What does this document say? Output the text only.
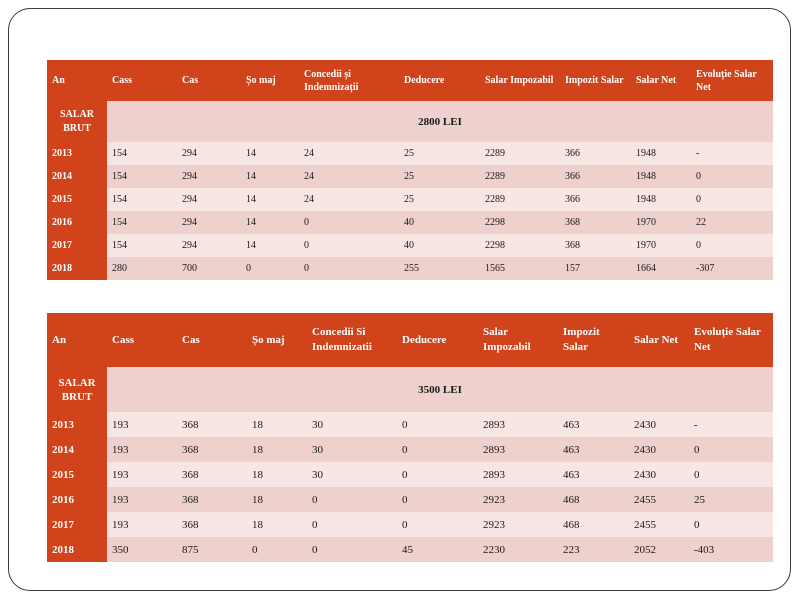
An	Cass	Cas	Șo maj	Concedii și Indemnizații	Deducere	Salar Impozabil	Impozit Salar	Salar Net	Evoluție Salar Net
SALAR BRUT	2800 LEI								
2013	154	294	14	24	25	2289	366	1948	-
2014	154	294	14	24	25	2289	366	1948	0
2015	154	294	14	24	25	2289	366	1948	0
2016	154	294	14	0	40	2298	368	1970	22
2017	154	294	14	0	40	2298	368	1970	0
2018	280	700	0	0	255	1565	157	1664	-307
An	Cass	Cas	Șo maj	Concedii Si Indemnizatii	Deducere	Salar Impozabil	Impozit Salar	Salar Net	Evoluție Salar Net
SALAR BRUT	3500 LEI								
2013	193	368	18	30	0	2893	463	2430	-
2014	193	368	18	30	0	2893	463	2430	0
2015	193	368	18	30	0	2893	463	2430	0
2016	193	368	18	0	0	2923	468	2455	25
2017	193	368	18	0	0	2923	468	2455	0
2018	350	875	0	0	45	2230	223	2052	-403
